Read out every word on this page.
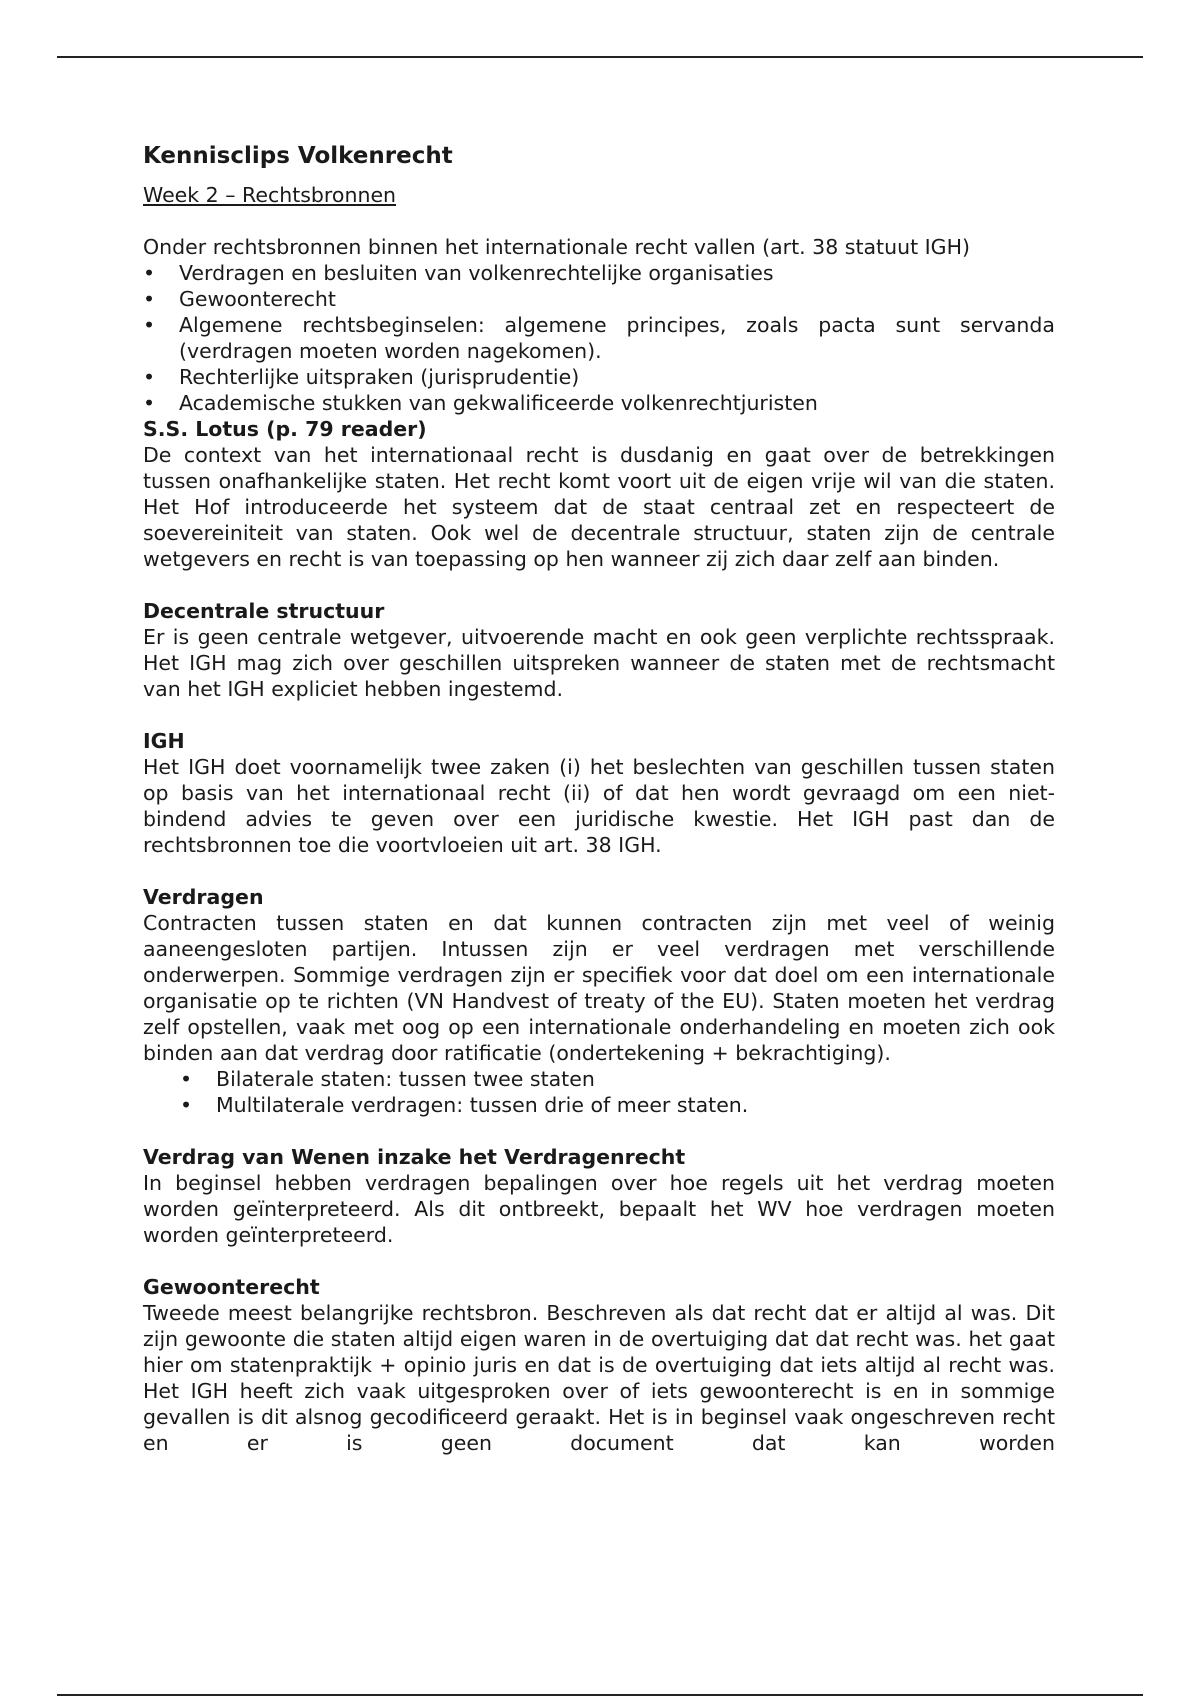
Kennisclips Volkenrecht
Week 2 – Rechtsbronnen
Onder rechtsbronnen binnen het internationale recht vallen (art. 38 statuut IGH)
• Verdragen en besluiten van volkenrechtelijke organisaties
• Gewoonterecht
• Algemene rechtsbeginselen: algemene principes, zoals pacta sunt servanda (verdragen moeten worden nagekomen).
• Rechterlijke uitspraken (jurisprudentie)
• Academische stukken van gekwalificeerde volkenrechtjuristen
S.S. Lotus (p. 79 reader)
De context van het internationaal recht is dusdanig en gaat over de betrekkingen tussen onafhankelijke staten. Het recht komt voort uit de eigen vrije wil van die staten. Het Hof introduceerde het systeem dat de staat centraal zet en respecteert de soevereiniteit van staten. Ook wel de decentrale structuur, staten zijn de centrale wetgevers en recht is van toepassing op hen wanneer zij zich daar zelf aan binden.
Decentrale structuur
Er is geen centrale wetgever, uitvoerende macht en ook geen verplichte rechtsspraak. Het IGH mag zich over geschillen uitspreken wanneer de staten met de rechtsmacht van het IGH expliciet hebben ingestemd.
IGH
Het IGH doet voornamelijk twee zaken (i) het beslechten van geschillen tussen staten op basis van het internationaal recht (ii) of dat hen wordt gevraagd om een niet-bindend advies te geven over een juridische kwestie. Het IGH past dan de rechtsbronnen toe die voortvloeien uit art. 38 IGH.
Verdragen
Contracten tussen staten en dat kunnen contracten zijn met veel of weinig aaneengesloten partijen. Intussen zijn er veel verdragen met verschillende onderwerpen. Sommige verdragen zijn er specifiek voor dat doel om een internationale organisatie op te richten (VN Handvest of treaty of the EU). Staten moeten het verdrag zelf opstellen, vaak met oog op een internationale onderhandeling en moeten zich ook binden aan dat verdrag door ratificatie (ondertekening + bekrachtiging).
• Bilaterale staten: tussen twee staten
• Multilaterale verdragen: tussen drie of meer staten.
Verdrag van Wenen inzake het Verdragenrecht
In beginsel hebben verdragen bepalingen over hoe regels uit het verdrag moeten worden geïnterpreteerd. Als dit ontbreekt, bepaalt het WV hoe verdragen moeten worden geïnterpreteerd.
Gewoonterecht
Tweede meest belangrijke rechtsbron. Beschreven als dat recht dat er altijd al was. Dit zijn gewoonte die staten altijd eigen waren in de overtuiging dat dat recht was. het gaat hier om statenpraktijk + opinio juris en dat is de overtuiging dat iets altijd al recht was. Het IGH heeft zich vaak uitgesproken over of iets gewoonterecht is en in sommige gevallen is dit alsnog gecodificeerd geraakt. Het is in beginsel vaak ongeschreven recht en er is geen document dat kan worden
